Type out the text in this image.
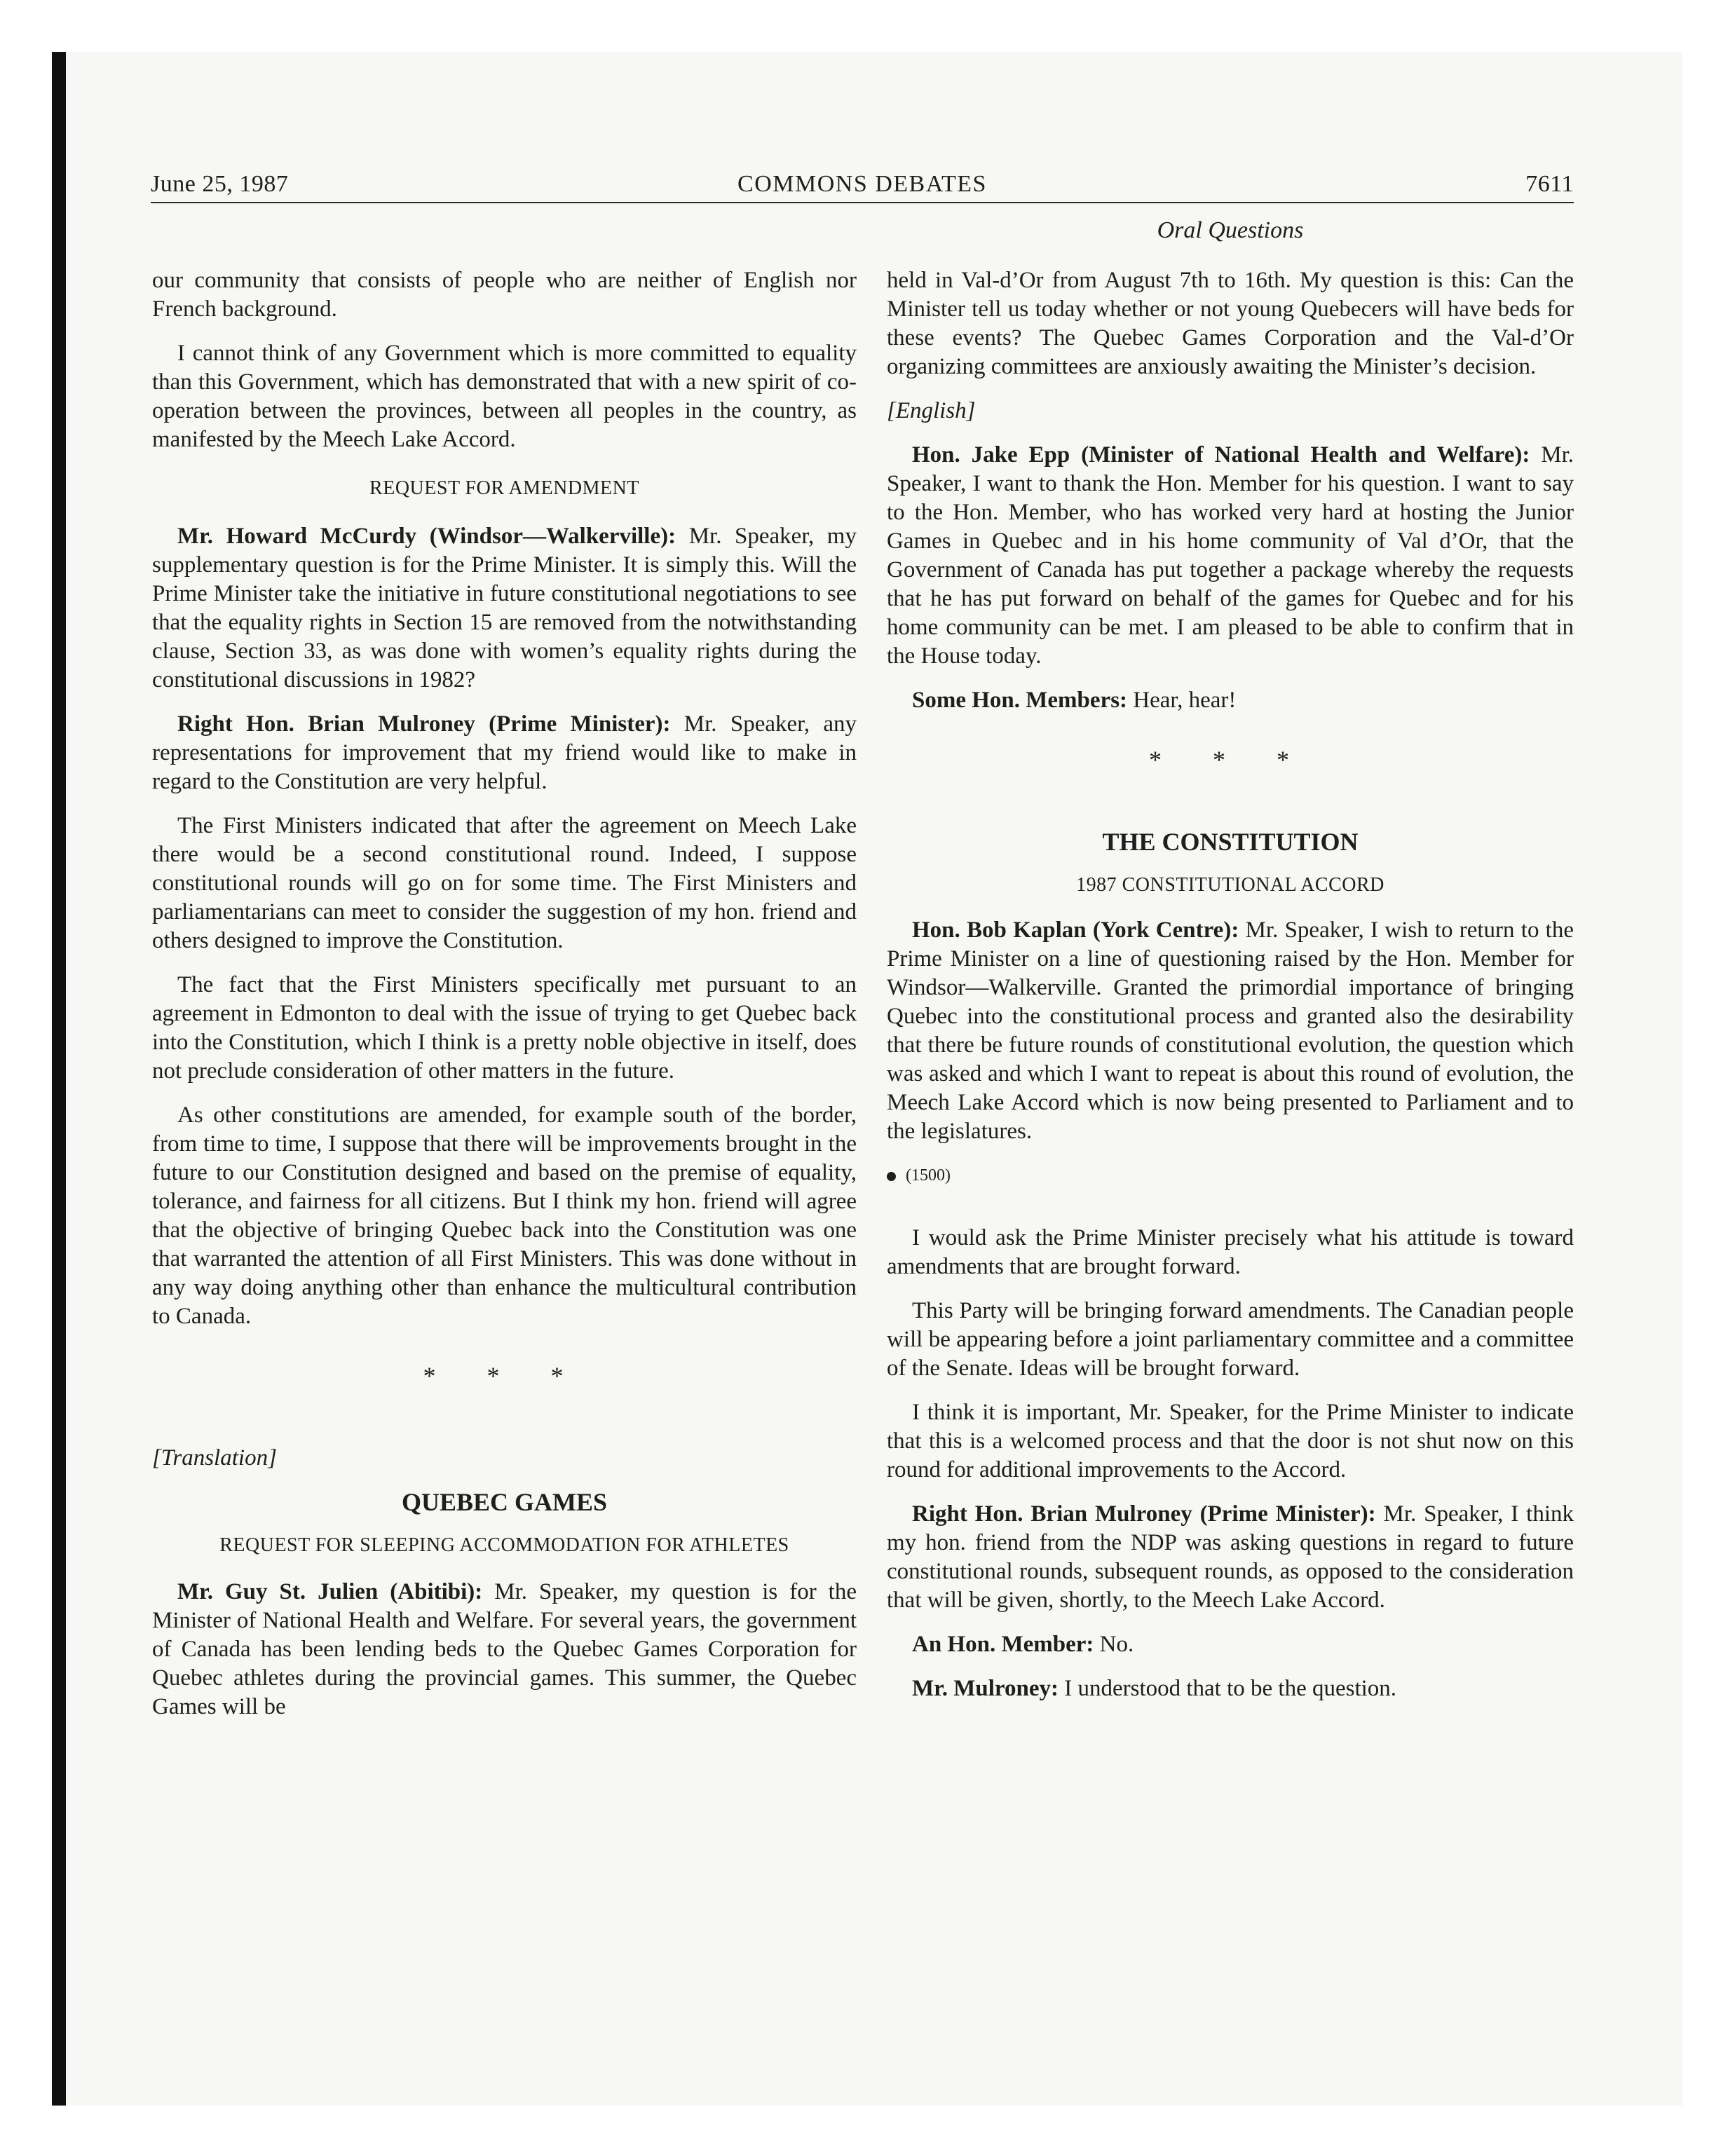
June 25, 1987	COMMONS DEBATES	7611
Oral Questions

our community that consists of people who are neither of English nor French background.

I cannot think of any Government which is more committed to equality than this Government, which has demonstrated that with a new spirit of co-operation between the provinces, between all peoples in the country, as manifested by the Meech Lake Accord.

REQUEST FOR AMENDMENT

Mr. Howard McCurdy (Windsor—Walkerville): Mr. Speaker, my supplementary question is for the Prime Minister. It is simply this. Will the Prime Minister take the initiative in future constitutional negotiations to see that the equality rights in Section 15 are removed from the notwithstanding clause, Section 33, as was done with women’s equality rights during the constitutional discussions in 1982?

Right Hon. Brian Mulroney (Prime Minister): Mr. Speaker, any representations for improvement that my friend would like to make in regard to the Constitution are very helpful.

The First Ministers indicated that after the agreement on Meech Lake there would be a second constitutional round. Indeed, I suppose constitutional rounds will go on for some time. The First Ministers and parliamentarians can meet to consider the suggestion of my hon. friend and others designed to improve the Constitution.

The fact that the First Ministers specifically met pursuant to an agreement in Edmonton to deal with the issue of trying to get Quebec back into the Constitution, which I think is a pretty noble objective in itself, does not preclude consideration of other matters in the future.

As other constitutions are amended, for example south of the border, from time to time, I suppose that there will be improvements brought in the future to our Constitution designed and based on the premise of equality, tolerance, and fairness for all citizens. But I think my hon. friend will agree that the objective of bringing Quebec back into the Constitution was one that warranted the attention of all First Ministers. This was done without in any way doing anything other than enhance the multicultural contribution to Canada.

* * *

[Translation]

QUEBEC GAMES
REQUEST FOR SLEEPING ACCOMMODATION FOR ATHLETES

Mr. Guy St. Julien (Abitibi): Mr. Speaker, my question is for the Minister of National Health and Welfare. For several years, the government of Canada has been lending beds to the Quebec Games Corporation for Quebec athletes during the provincial games. This summer, the Quebec Games will be

held in Val-d’Or from August 7th to 16th. My question is this: Can the Minister tell us today whether or not young Quebecers will have beds for these events? The Quebec Games Corporation and the Val-d’Or organizing committees are anxiously awaiting the Minister’s decision.

[English]

Hon. Jake Epp (Minister of National Health and Welfare): Mr. Speaker, I want to thank the Hon. Member for his question. I want to say to the Hon. Member, who has worked very hard at hosting the Junior Games in Quebec and in his home community of Val d’Or, that the Government of Canada has put together a package whereby the requests that he has put forward on behalf of the games for Quebec and for his home community can be met. I am pleased to be able to confirm that in the House today.

Some Hon. Members: Hear, hear!

* * *
THE CONSTITUTION
1987 CONSTITUTIONAL ACCORD

Hon. Bob Kaplan (York Centre): Mr. Speaker, I wish to return to the Prime Minister on a line of questioning raised by the Hon. Member for Windsor—Walkerville. Granted the primordial importance of bringing Quebec into the constitutional process and granted also the desirability that there be future rounds of constitutional evolution, the question which was asked and which I want to repeat is about this round of evolution, the Meech Lake Accord which is now being presented to Parliament and to the legislatures.

(1500)

I would ask the Prime Minister precisely what his attitude is toward amendments that are brought forward.

This Party will be bringing forward amendments. The Canadian people will be appearing before a joint parliamentary committee and a committee of the Senate. Ideas will be brought forward.

I think it is important, Mr. Speaker, for the Prime Minister to indicate that this is a welcomed process and that the door is not shut now on this round for additional improvements to the Accord.

Right Hon. Brian Mulroney (Prime Minister): Mr. Speaker, I think my hon. friend from the NDP was asking questions in regard to future constitutional rounds, subsequent rounds, as opposed to the consideration that will be given, shortly, to the Meech Lake Accord.

An Hon. Member: No.

Mr. Mulroney: I understood that to be the question.
